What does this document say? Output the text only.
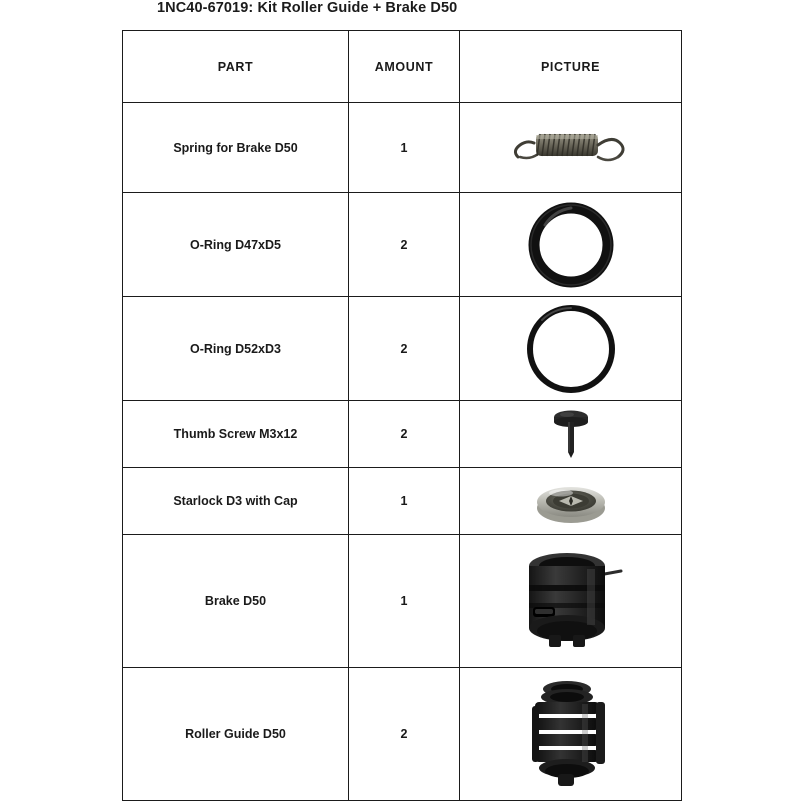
1NC40-67019: Kit Roller Guide + Brake D50
PART	AMOUNT	PICTURE
Spring for Brake D50	1	

O-Ring D47xD5	2	

O-Ring D52xD3	2	

Thumb Screw M3x12	2	

Starlock D3 with Cap	1	

Brake D50	1	

Roller Guide D50	2	
